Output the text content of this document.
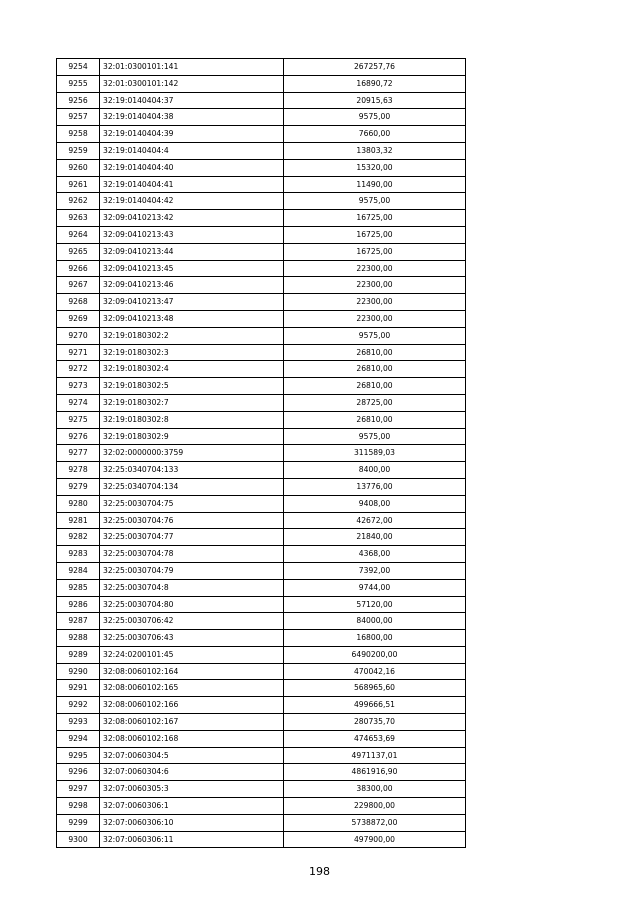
9254	32:01:0300101:141	267257,76
9255	32:01:0300101:142	16890,72
9256	32:19:0140404:37	20915,63
9257	32:19:0140404:38	9575,00
9258	32:19:0140404:39	7660,00
9259	32:19:0140404:4	13803,32
9260	32:19:0140404:40	15320,00
9261	32:19:0140404:41	11490,00
9262	32:19:0140404:42	9575,00
9263	32:09:0410213:42	16725,00
9264	32:09:0410213:43	16725,00
9265	32:09:0410213:44	16725,00
9266	32:09:0410213:45	22300,00
9267	32:09:0410213:46	22300,00
9268	32:09:0410213:47	22300,00
9269	32:09:0410213:48	22300,00
9270	32:19:0180302:2	9575,00
9271	32:19:0180302:3	26810,00
9272	32:19:0180302:4	26810,00
9273	32:19:0180302:5	26810,00
9274	32:19:0180302:7	28725,00
9275	32:19:0180302:8	26810,00
9276	32:19:0180302:9	9575,00
9277	32:02:0000000:3759	311589,03
9278	32:25:0340704:133	8400,00
9279	32:25:0340704:134	13776,00
9280	32:25:0030704:75	9408,00
9281	32:25:0030704:76	42672,00
9282	32:25:0030704:77	21840,00
9283	32:25:0030704:78	4368,00
9284	32:25:0030704:79	7392,00
9285	32:25:0030704:8	9744,00
9286	32:25:0030704:80	57120,00
9287	32:25:0030706:42	84000,00
9288	32:25:0030706:43	16800,00
9289	32:24:0200101:45	6490200,00
9290	32:08:0060102:164	470042,16
9291	32:08:0060102:165	568965,60
9292	32:08:0060102:166	499666,51
9293	32:08:0060102:167	280735,70
9294	32:08:0060102:168	474653,69
9295	32:07:0060304:5	4971137,01
9296	32:07:0060304:6	4861916,90
9297	32:07:0060305:3	38300,00
9298	32:07:0060306:1	229800,00
9299	32:07:0060306:10	5738872,00
9300	32:07:0060306:11	497900,00
198
